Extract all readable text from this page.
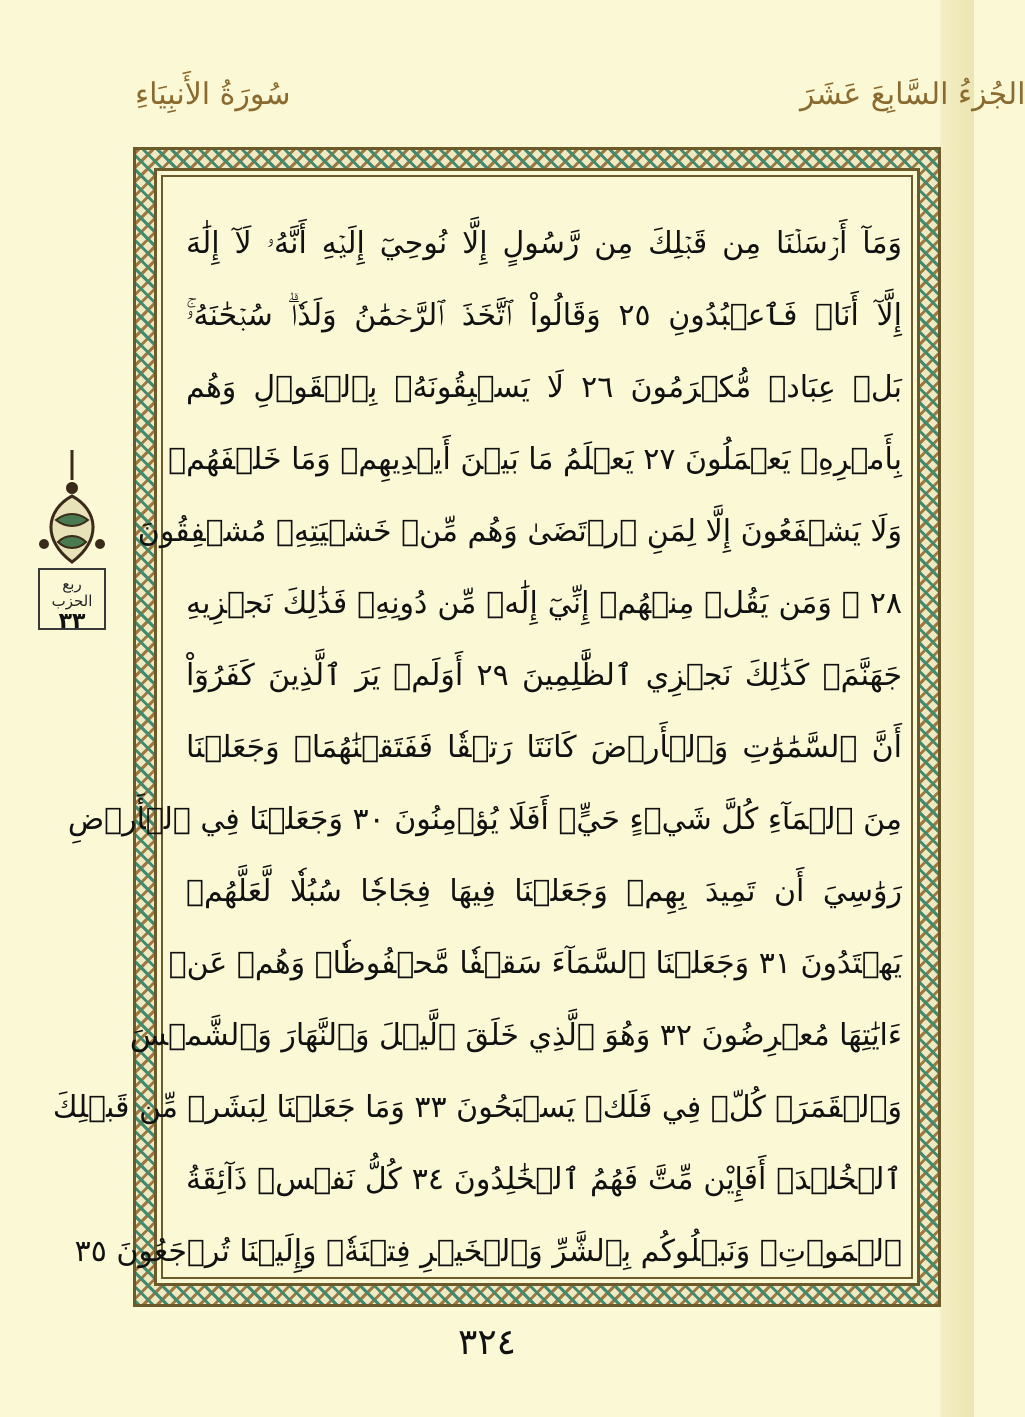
الجُزءُ السَّابِعَ عَشَرَ
سُورَةُ الأَنبِيَاءِ
وَمَآ أَرۡسَلۡنَا مِن قَبۡلِكَ مِن رَّسُولٍ إِلَّا نُوحِيٓ إِلَيۡهِ أَنَّهُۥ لَآ إِلَٰهَ
إِلَّآ أَنَا۠ فَٱعۡبُدُونِ ٢٥ وَقَالُواْ ٱتَّخَذَ ٱلرَّحۡمَٰنُ وَلَدٗاۗ سُبۡحَٰنَهُۥۚ
بَلۡ عِبَادٞ مُّكۡرَمُونَ ٢٦ لَا يَسۡبِقُونَهُۥ بِٱلۡقَوۡلِ وَهُم
بِأَمۡرِهِۦ يَعۡمَلُونَ ٢٧ يَعۡلَمُ مَا بَيۡنَ أَيۡدِيهِمۡ وَمَا خَلۡفَهُمۡ
وَلَا يَشۡفَعُونَ إِلَّا لِمَنِ ٱرۡتَضَىٰ وَهُم مِّنۡ خَشۡيَتِهِۦ مُشۡفِقُونَ
٢٨ ۞ وَمَن يَقُلۡ مِنۡهُمۡ إِنِّيٓ إِلَٰهٞ مِّن دُونِهِۦ فَذَٰلِكَ نَجۡزِيهِ
جَهَنَّمَۚ كَذَٰلِكَ نَجۡزِي ٱلظَّٰلِمِينَ ٢٩ أَوَلَمۡ يَرَ ٱلَّذِينَ كَفَرُوٓاْ
أَنَّ ٱلسَّمَٰوَٰتِ وَٱلۡأَرۡضَ كَانَتَا رَتۡقٗا فَفَتَقۡنَٰهُمَاۖ وَجَعَلۡنَا
مِنَ ٱلۡمَآءِ كُلَّ شَيۡءٍ حَيٍّۚ أَفَلَا يُؤۡمِنُونَ ٣٠ وَجَعَلۡنَا فِي ٱلۡأَرۡضِ
رَوَٰسِيَ أَن تَمِيدَ بِهِمۡ وَجَعَلۡنَا فِيهَا فِجَاجٗا سُبُلٗا لَّعَلَّهُمۡ
يَهۡتَدُونَ ٣١ وَجَعَلۡنَا ٱلسَّمَآءَ سَقۡفٗا مَّحۡفُوظٗاۖ وَهُمۡ عَنۡ
ءَايَٰتِهَا مُعۡرِضُونَ ٣٢ وَهُوَ ٱلَّذِي خَلَقَ ٱلَّيۡلَ وَٱلنَّهَارَ وَٱلشَّمۡسَ
وَٱلۡقَمَرَۖ كُلّٞ فِي فَلَكٖ يَسۡبَحُونَ ٣٣ وَمَا جَعَلۡنَا لِبَشَرٖ مِّن قَبۡلِكَ
ٱلۡخُلۡدَۖ أَفَإِيْن مِّتَّ فَهُمُ ٱلۡخَٰلِدُونَ ٣٤ كُلُّ نَفۡسٖ ذَآئِقَةُ
ٱلۡمَوۡتِۗ وَنَبۡلُوكُم بِٱلشَّرِّ وَٱلۡخَيۡرِ فِتۡنَةٗۖ وَإِلَيۡنَا تُرۡجَعُونَ ٣٥
ربع
الحزب
٣٣
٣٢٤
